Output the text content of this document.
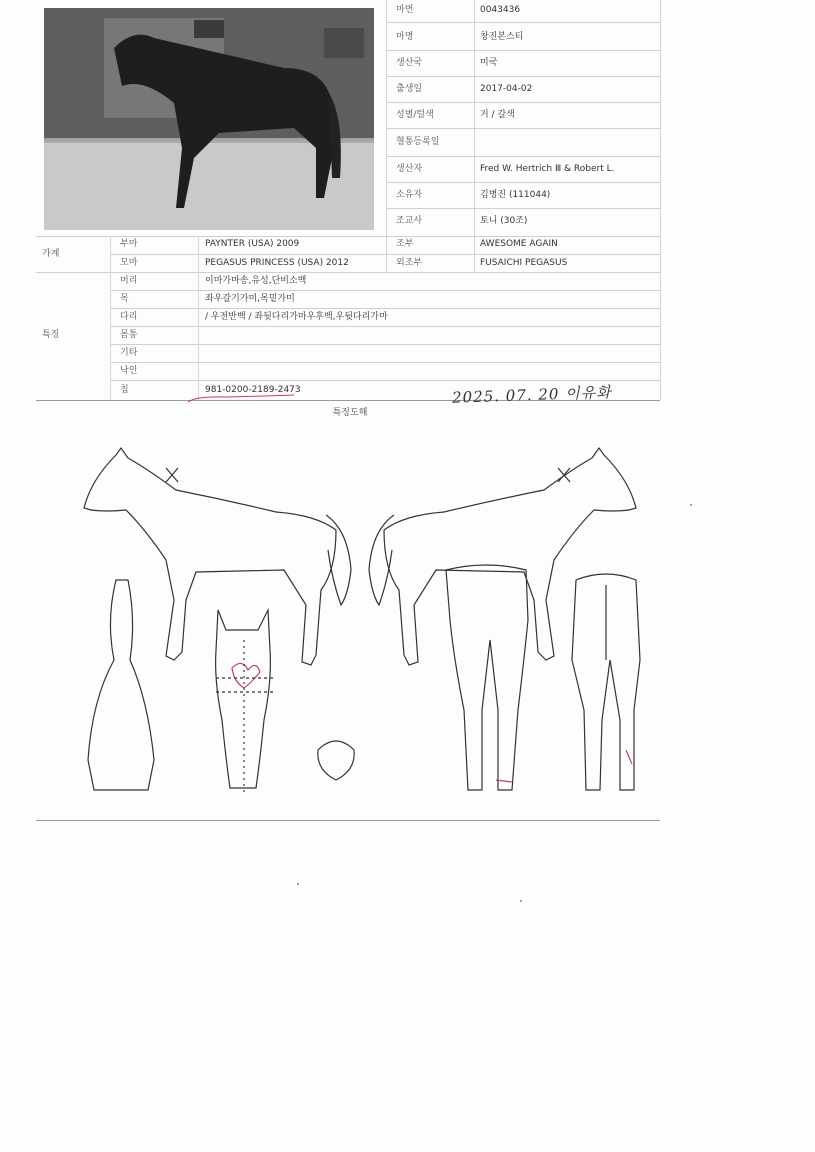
마번	0043436
마명	창진본스티
생산국	미국
출생일	2017-04-02
성별/털색	거 / 갈색
혈통등록일
생산자	Fred W. Hertrich Ⅲ & Robert L.
소유자	김병진 (111044)
조교사	토니 (30조)
가계
부마	PAYNTER (USA) 2009	조부	AWESOME AGAIN
모마	PEGASUS PRINCESS (USA) 2012	외조부	FUSAICHI PEGASUS
특징
머리	이마가마송,유성,단비소백
목	좌우갈기가미,목밑가미
다리	/ 우전반백 / 좌뒷다리가마우후백,우뒷다리가마
몸통
기타
낙인
칩	981-0200-2189-2473	2025. 07. 20 이유화
특징도해
